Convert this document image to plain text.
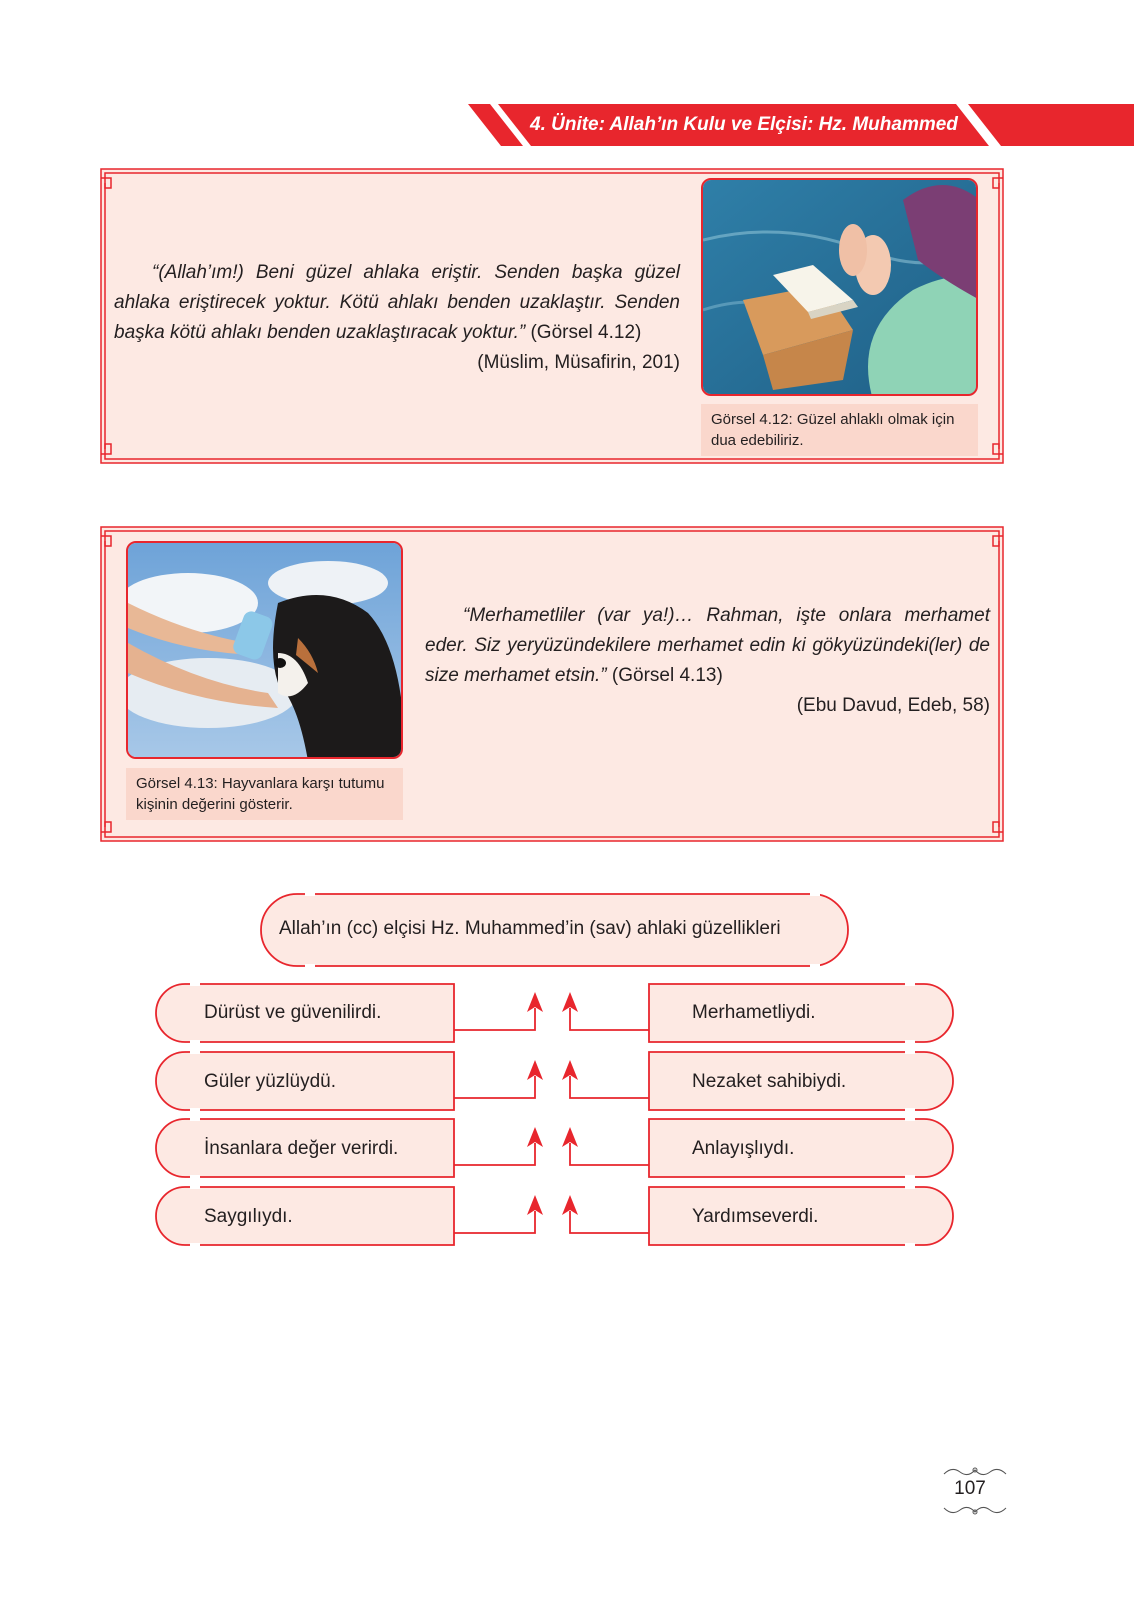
4. Ünite: Allah’ın Kulu ve Elçisi: Hz. Muhammed

“(Allah’ım!) Beni güzel ahlaka eriştir. Senden başka güzel ahlaka eriştirecek yoktur. Kötü ahlakı benden uzaklaştır. Senden başka kötü ahlakı benden uzaklaştıracak yoktur.” (Görsel 4.12)

(Müslim, Müsafirin, 201)

Görsel 4.12: Güzel ahlaklı olmak için dua edebiliriz.
Görsel 4.13: Hayvanlara karşı tutumu kişinin değerini gösterir.

“Merhametliler (var ya!)… Rahman, işte onlara merhamet eder. Siz yeryüzündekilere merhamet edin ki gökyüzündeki(ler) de size merhamet etsin.” (Görsel 4.13)

(Ebu Davud, Edeb, 58)

Allah’ın (cc) elçisi Hz. Muhammed’in (sav) ahlaki güzellikleri
Dürüst ve güvenilirdi.
Güler yüzlüydü.
İnsanlara değer verirdi.
Saygılıydı.
Merhametliydi.
Nezaket sahibiydi.
Anlayışlıydı.
Yardımseverdi.
107
